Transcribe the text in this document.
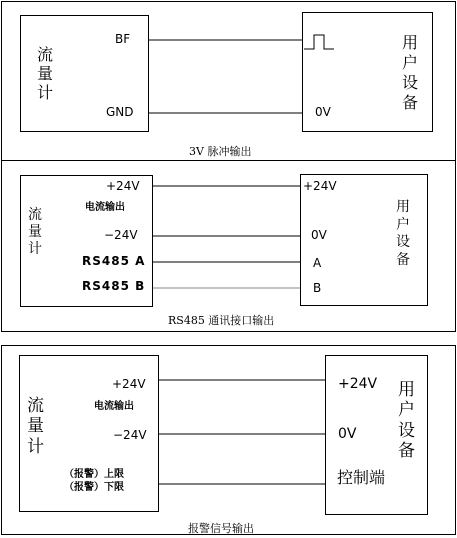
流
量
计
用
户
设
备
BF
GND	0V
3V 脉冲输出
流
量
计
用
户
设
备
+24V
电流输出
−24V
RS485 A
RS485 B
+24V
0V
A
B
RS485 通讯接口输出
流
量
计
用
户
设
备
+24V
电流输出
−24V
（报警）上限
（报警）下限
+24V
0V
控制端
报警信号输出
